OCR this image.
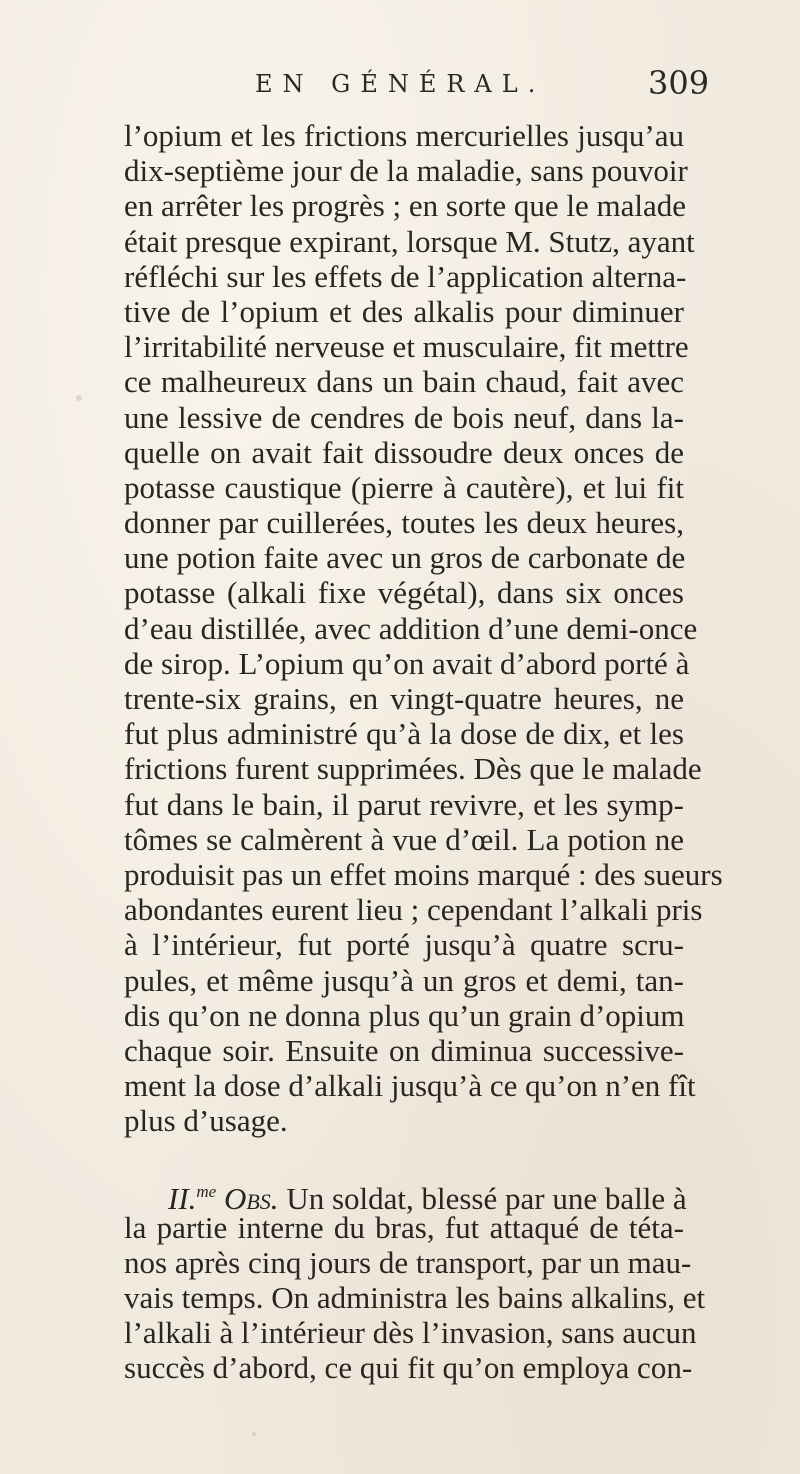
EN GÉNÉRAL.	309
l’opium et les frictions mercurielles jusqu’au
dix-septième jour de la maladie, sans pouvoir
en arrêter les progrès ; en sorte que le malade
était presque expirant, lorsque M. Stutz, ayant
réfléchi sur les effets de l’application alterna-
tive de l’opium et des alkalis pour diminuer
l’irritabilité nerveuse et musculaire, fit mettre
ce malheureux dans un bain chaud, fait avec
une lessive de cendres de bois neuf, dans la-
quelle on avait fait dissoudre deux onces de
potasse caustique (pierre à cautère), et lui fit
donner par cuillerées, toutes les deux heures,
une potion faite avec un gros de carbonate de
potasse (alkali fixe végétal), dans six onces
d’eau distillée, avec addition d’une demi-once
de sirop. L’opium qu’on avait d’abord porté à
trente-six grains, en vingt-quatre heures, ne
fut plus administré qu’à la dose de dix, et les
frictions furent supprimées. Dès que le malade
fut dans le bain, il parut revivre, et les symp-
tômes se calmèrent à vue d’œil. La potion ne
produisit pas un effet moins marqué : des sueurs
abondantes eurent lieu ; cependant l’alkali pris
à l’intérieur, fut porté jusqu’à quatre scru-
pules, et même jusqu’à un gros et demi, tan-
dis qu’on ne donna plus qu’un grain d’opium
chaque soir. Ensuite on diminua successive-
ment la dose d’alkali jusqu’à ce qu’on n’en fît
plus d’usage.
II.$^{me}$ Obs. Un soldat, blessé par une balle à
la partie interne du bras, fut attaqué de téta-
nos après cinq jours de transport, par un mau-
vais temps. On administra les bains alkalins, et
l’alkali à l’intérieur dès l’invasion, sans aucun
succès d’abord, ce qui fit qu’on employa con-
